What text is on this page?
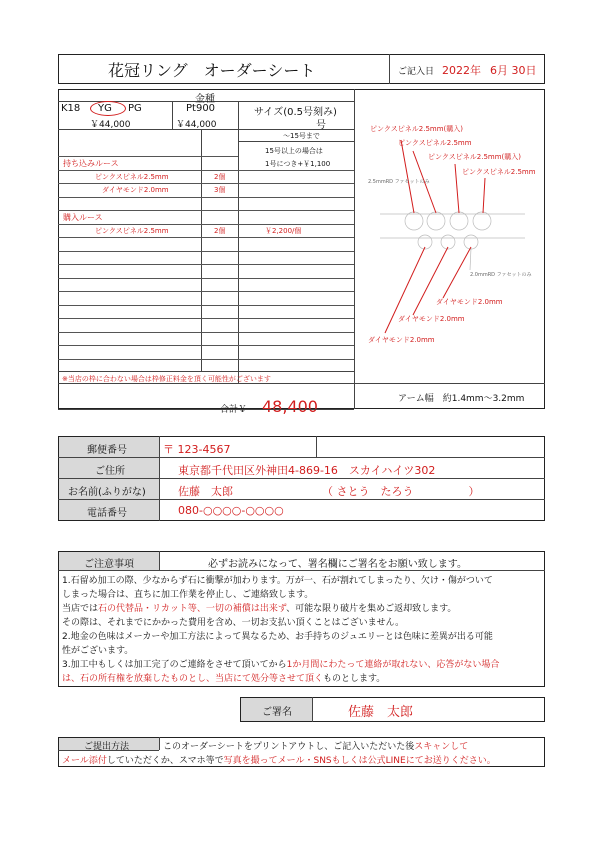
花冠リング　オーダーシート	ご記入日 2022年 6月 30日
金種
K18 YG PG
￥44,000
Pt900
￥44,000
サイズ(0.5号刻み)
号
～15号まで
15号以上の場合は
1号につき+￥1,100
持ち込みルース
ピンクスピネル2.5mm	2個
ダイヤモンド2.0mm	3個
購入ルース
ピンクスピネル2.5mm	2個	￥2,200/個
※当店の枠に合わない場合は枠修正料金を頂く可能性がございます
合計￥ 48,400
ピンクスピネル2.5mm(購入)
ピンクスピネル2.5mm
ピンクスピネル2.5mm(購入)
ピンクスピネル2.5mm
2.5mmRD ファセットのみ
2.0mmRD ファセットのみ
ダイヤモンド2.0mm
ダイヤモンド2.0mm
ダイヤモンド2.0mm
アーム幅　約1.4mm～3.2mm
郵便番号	〒 123-4567
ご住所	東京都千代田区外神田4-869-16　スカイハイツ302
お名前(ふりがな)	佐藤　太郎	（ さとう　たろう　　　　　）
電話番号	080-○○○○-○○○○
ご注意事項	必ずお読みになって、署名欄にご署名をお願い致します。
1.石留め加工の際、少なからず石に衝撃が加わります。万が一、石が割れてしまったり、欠け・傷がついて
しまった場合は、直ちに加工作業を停止し、ご連絡致します。
当店では石の代替品・リカット等、一切の補償は出来ず、可能な限り破片を集めご返却致します。
その際は、それまでにかかった費用を含め、一切お支払い頂くことはございません。
2.地金の色味はメーカーや加工方法によって異なるため、お手持ちのジュエリーとは色味に差異が出る可能
性がございます。
3.加工中もしくは加工完了のご連絡をさせて頂いてから1か月間にわたって連絡が取れない、応答がない場合
は、石の所有権を放棄したものとし、当店にて処分等させて頂くものとします。
ご署名	佐藤　太郎
ご提出方法	このオーダーシートをプリントアウトし、ご記入いただいた後スキャンして
メール添付していただくか、スマホ等で写真を撮ってメール・SNSもしくは公式LINEにてお送りください。
